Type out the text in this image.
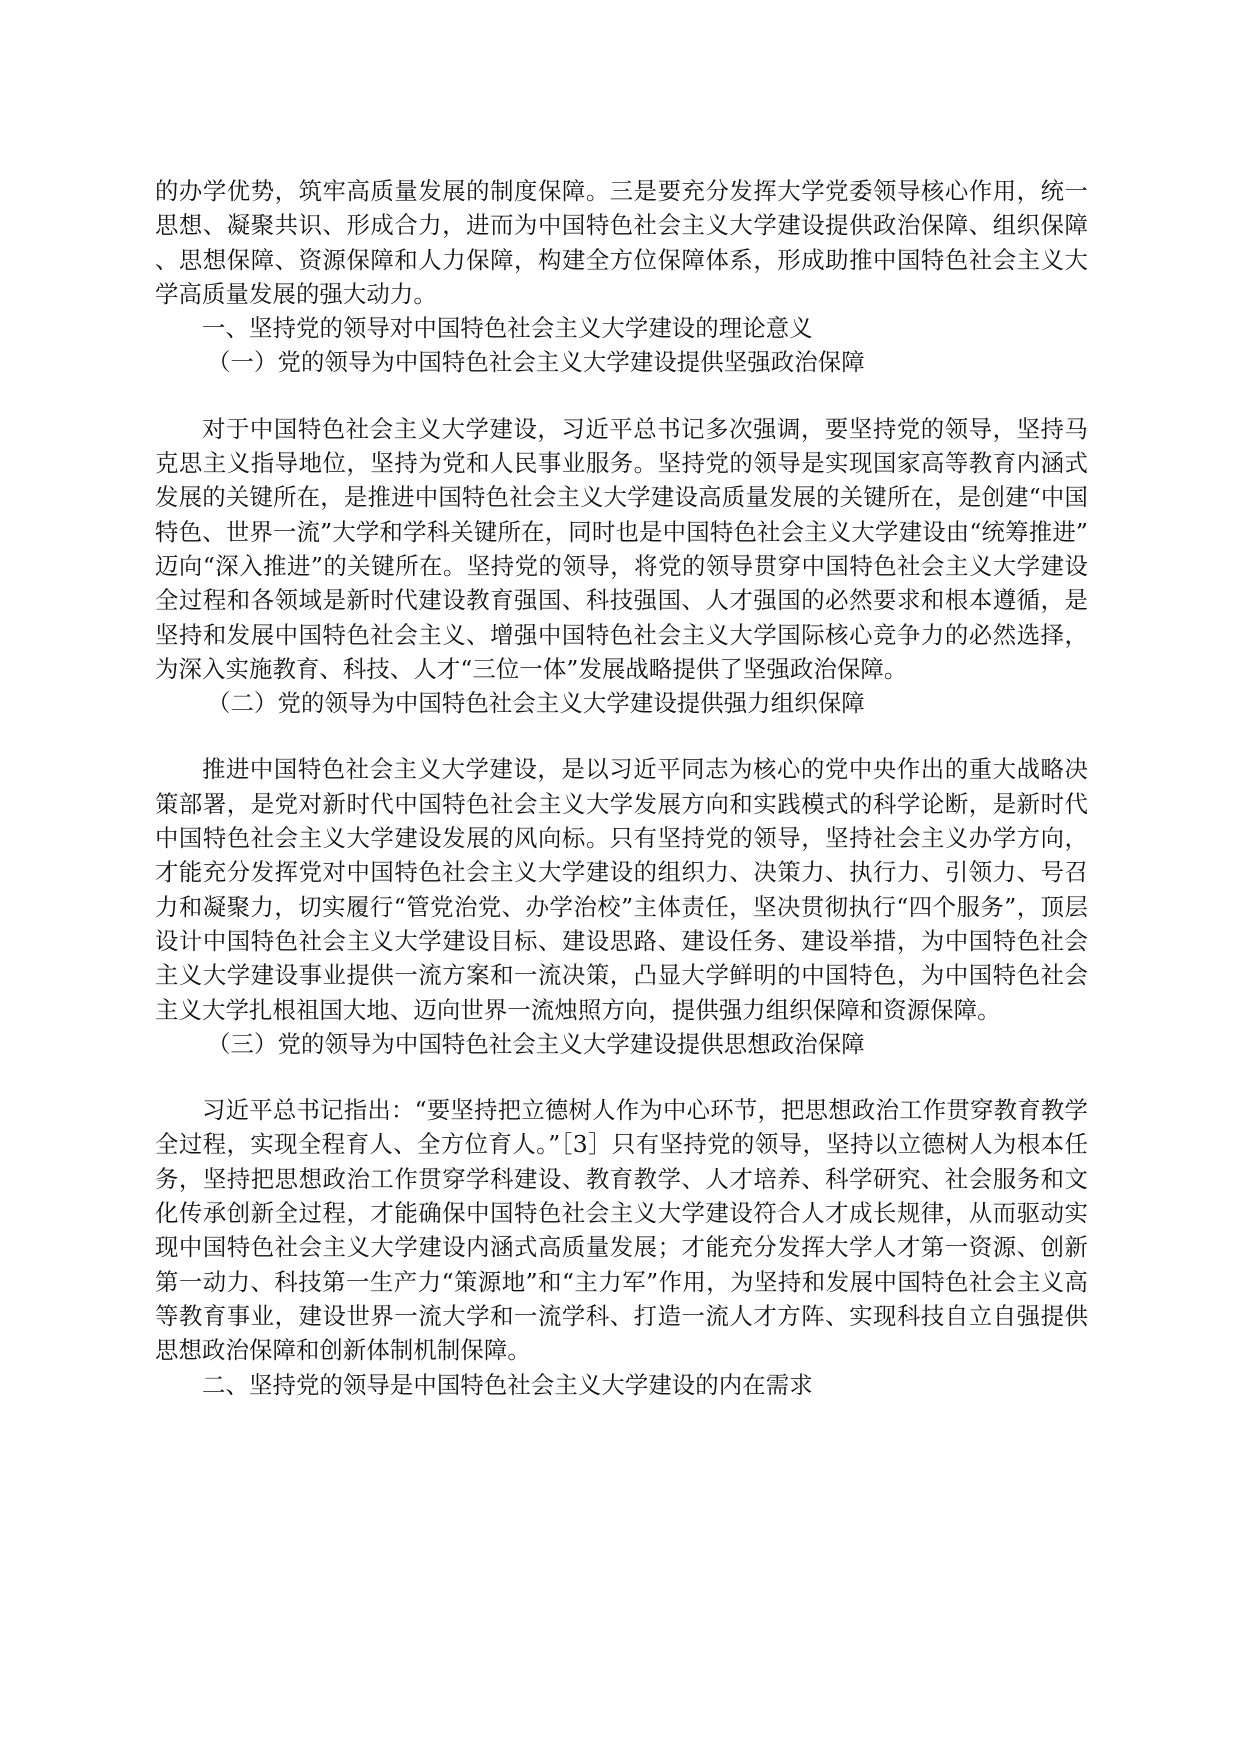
的办学优势，筑牢高质量发展的制度保障。三是要充分发挥大学党委领导核心作用，统一思想、凝聚共识、形成合力，进而为中国特色社会主义大学建设提供政治保障、组织保障、思想保障、资源保障和人力保障，构建全方位保障体系，形成助推中国特色社会主义大学高质量发展的强大动力。

一、坚持党的领导对中国特色社会主义大学建设的理论意义

（一）党的领导为中国特色社会主义大学建设提供坚强政治保障

对于中国特色社会主义大学建设，习近平总书记多次强调，要坚持党的领导，坚持马克思主义指导地位，坚持为党和人民事业服务。坚持党的领导是实现国家高等教育内涵式发展的关键所在，是推进中国特色社会主义大学建设高质量发展的关键所在，是创建“中国特色、世界一流”大学和学科关键所在，同时也是中国特色社会主义大学建设由“统筹推进”迈向“深入推进”的关键所在。坚持党的领导，将党的领导贯穿中国特色社会主义大学建设全过程和各领域是新时代建设教育强国、科技强国、人才强国的必然要求和根本遵循，是坚持和发展中国特色社会主义、增强中国特色社会主义大学国际核心竞争力的必然选择，为深入实施教育、科技、人才“三位一体”发展战略提供了坚强政治保障。

（二）党的领导为中国特色社会主义大学建设提供强力组织保障

推进中国特色社会主义大学建设，是以习近平同志为核心的党中央作出的重大战略决策部署，是党对新时代中国特色社会主义大学发展方向和实践模式的科学论断，是新时代中国特色社会主义大学建设发展的风向标。只有坚持党的领导，坚持社会主义办学方向，才能充分发挥党对中国特色社会主义大学建设的组织力、决策力、执行力、引领力、号召力和凝聚力，切实履行“管党治党、办学治校”主体责任，坚决贯彻执行“四个服务”，顶层设计中国特色社会主义大学建设目标、建设思路、建设任务、建设举措，为中国特色社会主义大学建设事业提供一流方案和一流决策，凸显大学鲜明的中国特色，为中国特色社会主义大学扎根祖国大地、迈向世界一流烛照方向，提供强力组织保障和资源保障。

（三）党的领导为中国特色社会主义大学建设提供思想政治保障

习近平总书记指出：“要坚持把立德树人作为中心环节，把思想政治工作贯穿教育教学全过程，实现全程育人、全方位育人。”［3］只有坚持党的领导，坚持以立德树人为根本任务，坚持把思想政治工作贯穿学科建设、教育教学、人才培养、科学研究、社会服务和文化传承创新全过程，才能确保中国特色社会主义大学建设符合人才成长规律，从而驱动实现中国特色社会主义大学建设内涵式高质量发展；才能充分发挥大学人才第一资源、创新第一动力、科技第一生产力“策源地”和“主力军”作用，为坚持和发展中国特色社会主义高等教育事业，建设世界一流大学和一流学科、打造一流人才方阵、实现科技自立自强提供思想政治保障和创新体制机制保障。

二、坚持党的领导是中国特色社会主义大学建设的内在需求
